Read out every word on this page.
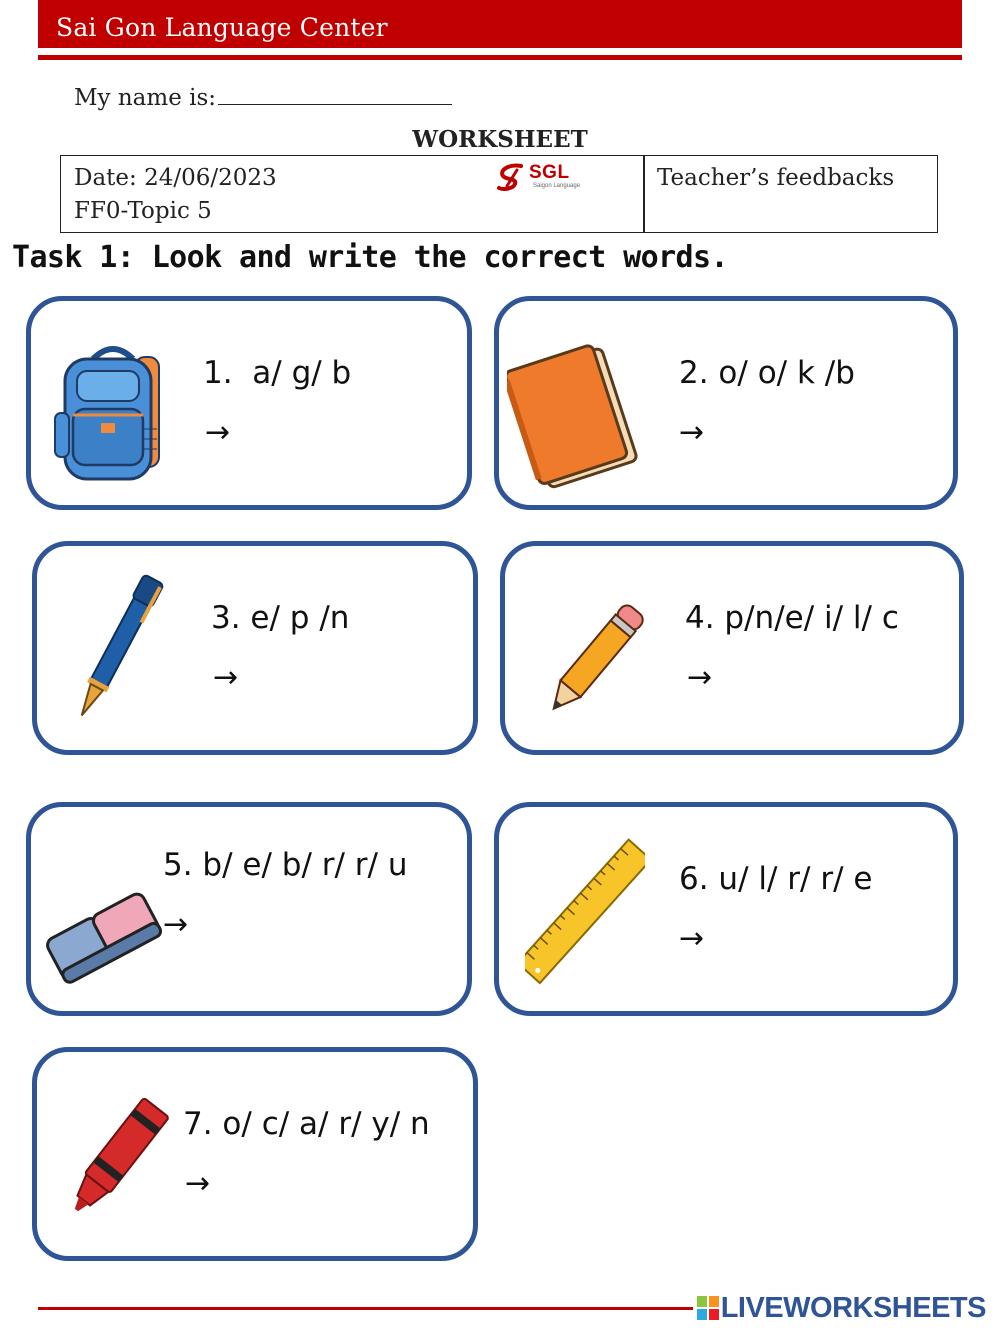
Sai Gon Language Center
My name is:
WORKSHEET
Date: 24/06/2023
FF0-Topic 5
SGL
Saigon Language	Teacher’s feedbacks
Task 1: Look and write the correct words.
1.  a/ g/ b
→
2. o/ o/ k /b
→
3. e/ p /n
→
4. p/n/e/ i/ l/ c
→
5. b/ e/ b/ r/ r/ u
→
6. u/ l/ r/ r/ e
→
7. o/ c/ a/ r/ y/ n
→
LIVEWORKSHEETS
